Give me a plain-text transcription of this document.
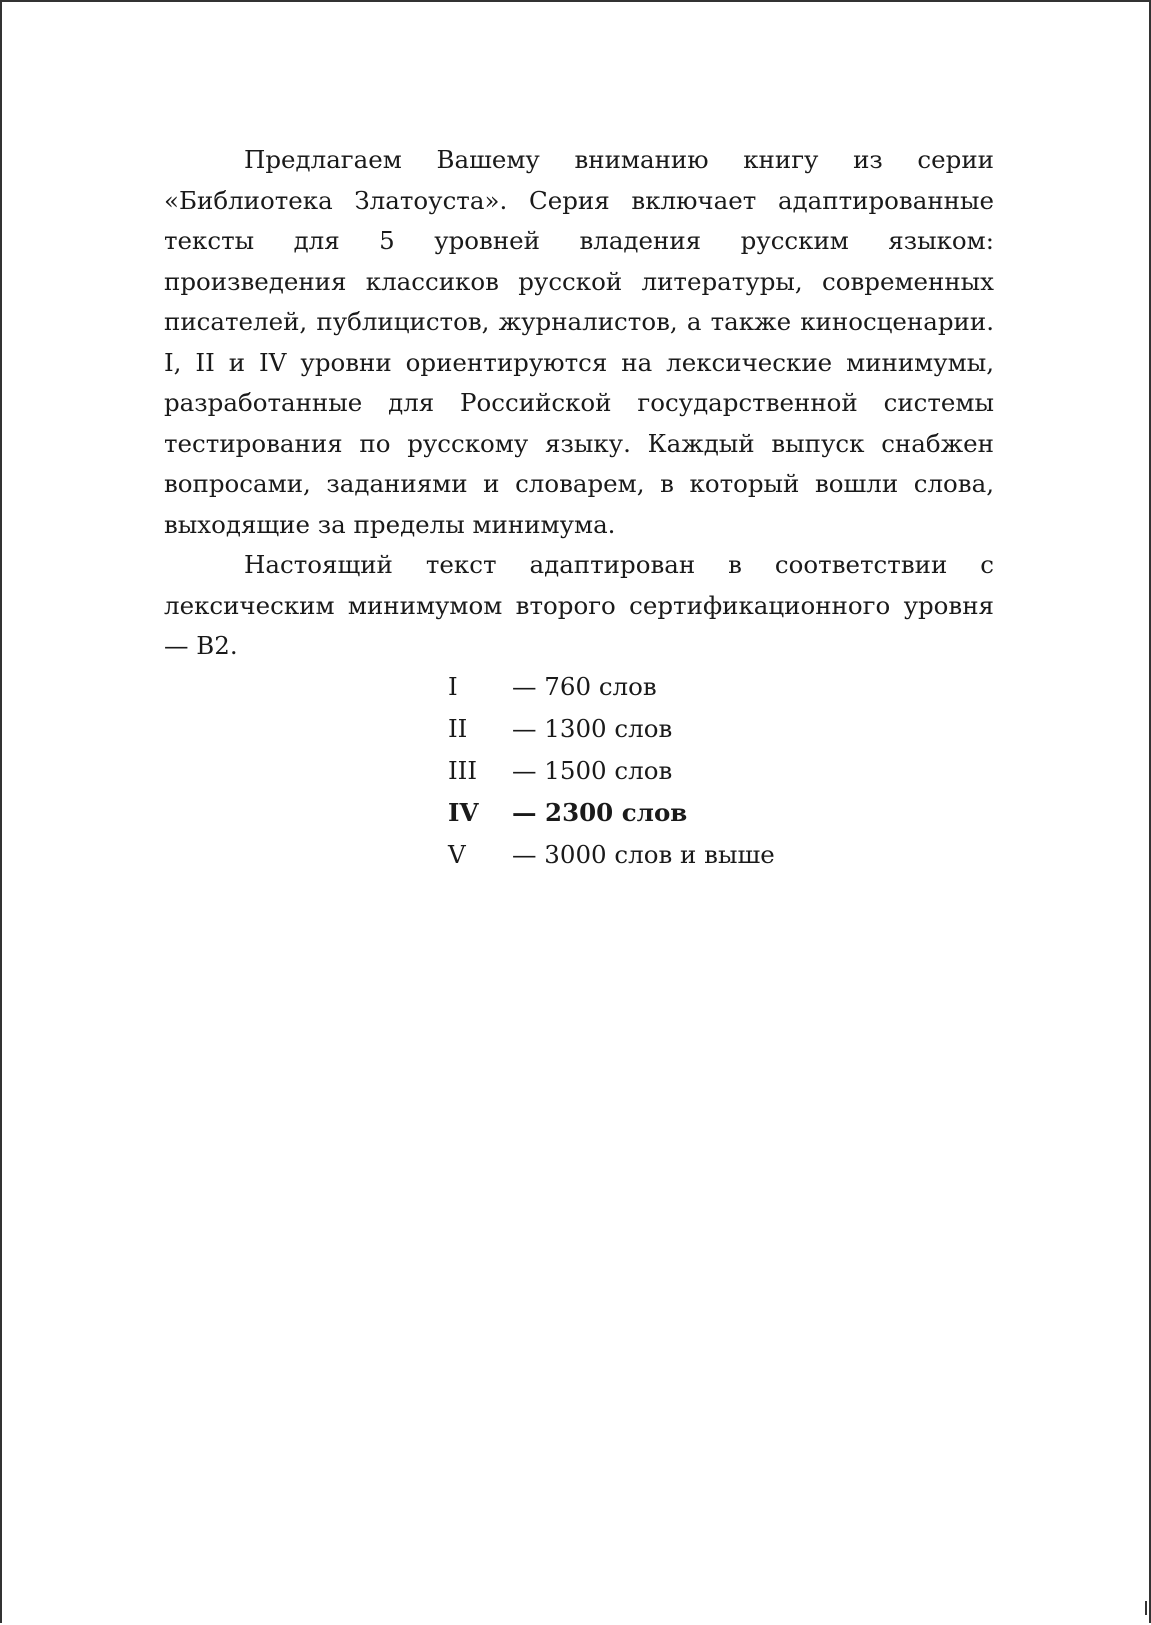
Предлагаем Вашему вниманию книгу из серии «Библиотека Златоуста». Серия включает адаптированные тексты для 5 уровней владения русским языком: произведения классиков русской литературы, современных писателей, публицистов, журналистов, а также киносценарии. I, II и IV уровни ориентируются на лексические минимумы, разработанные для Российской государственной системы тестирования по русскому языку. Каждый выпуск снабжен вопросами, заданиями и словарем, в который вошли слова, выходящие за пределы минимума.

Настоящий текст адаптирован в соответствии с лексическим минимумом второго сертификационного уровня — В2.

I	— 760 слов
II	— 1300 слов
III	— 1500 слов
IV	— 2300 слов
V	— 3000 слов и выше
